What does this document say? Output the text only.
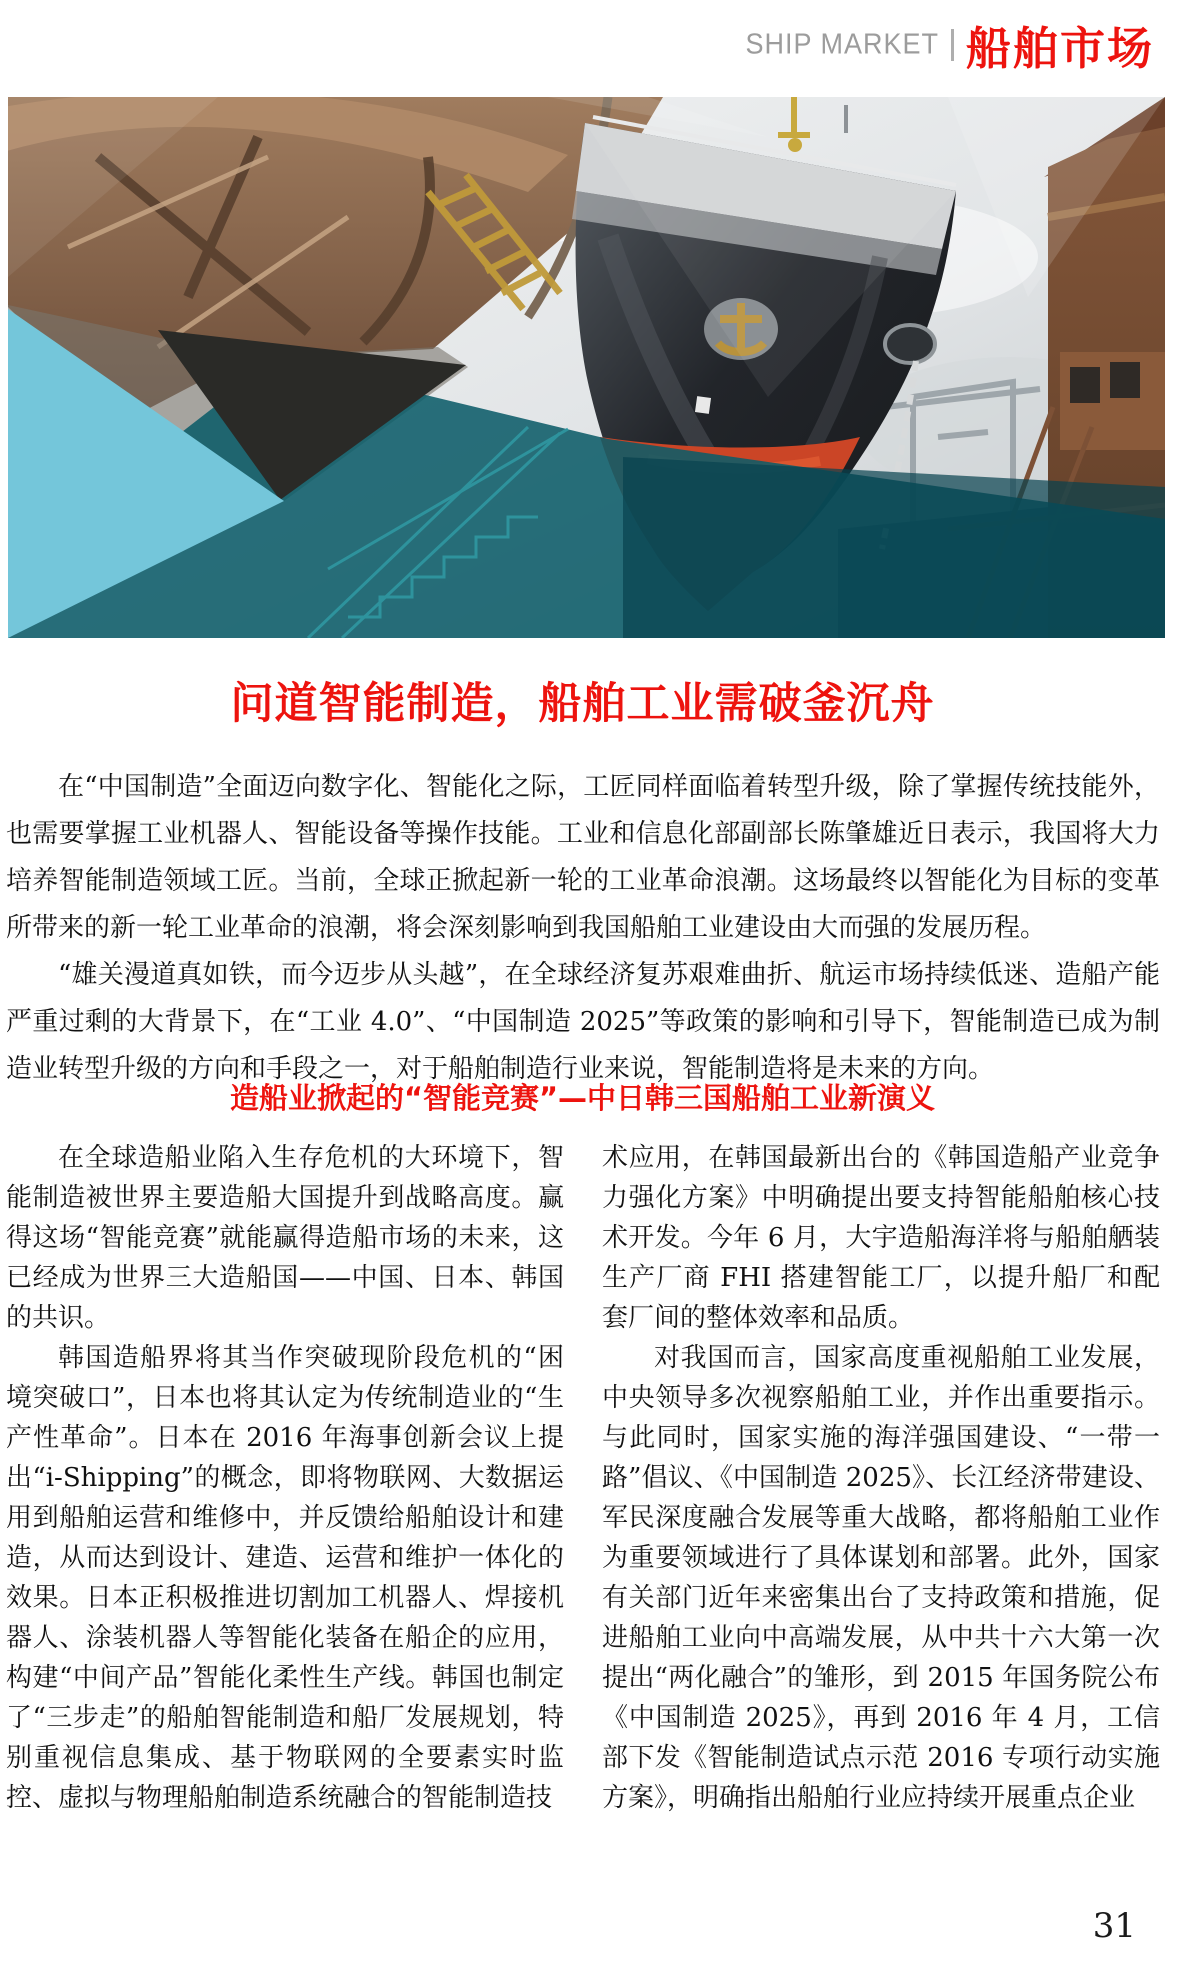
SHIP MARKET 船舶市场
问道智能制造，船舶工业需破釜沉舟

在“中国制造”全面迈向数字化、智能化之际，工匠同样面临着转型升级，除了掌握传统技能外，也需要掌握工业机器人、智能设备等操作技能。工业和信息化部副部长陈肇雄近日表示，我国将大力培养智能制造领域工匠。当前，全球正掀起新一轮的工业革命浪潮。这场最终以智能化为目标的变革所带来的新一轮工业革命的浪潮，将会深刻影响到我国船舶工业建设由大而强的发展历程。

“雄关漫道真如铁，而今迈步从头越”，在全球经济复苏艰难曲折、航运市场持续低迷、造船产能严重过剩的大背景下，在“工业 4.0”、“中国制造 2025”等政策的影响和引导下，智能制造已成为制造业转型升级的方向和手段之一，对于船舶制造行业来说，智能制造将是未来的方向。

造船业掀起的“智能竞赛”—中日韩三国船舶工业新演义

在全球造船业陷入生存危机的大环境下，智能制造被世界主要造船大国提升到战略高度。赢得这场“智能竞赛”就能赢得造船市场的未来，这已经成为世界三大造船国——中国、日本、韩国的共识。

韩国造船界将其当作突破现阶段危机的“困境突破口”，日本也将其认定为传统制造业的“生产性革命”。日本在 2016 年海事创新会议上提出“i-Shipping”的概念，即将物联网、大数据运用到船舶运营和维修中，并反馈给船舶设计和建造，从而达到设计、建造、运营和维护一体化的效果。日本正积极推进切割加工机器人、焊接机器人、涂装机器人等智能化装备在船企的应用，构建“中间产品”智能化柔性生产线。韩国也制定了“三步走”的船舶智能制造和船厂发展规划，特别重视信息集成、基于物联网的全要素实时监控、虚拟与物理船舶制造系统融合的智能制造技

术应用，在韩国最新出台的《韩国造船产业竞争力强化方案》中明确提出要支持智能船舶核心技术开发。今年 6 月，大宇造船海洋将与船舶舾装生产厂商 FHI 搭建智能工厂，以提升船厂和配套厂间的整体效率和品质。

对我国而言，国家高度重视船舶工业发展，中央领导多次视察船舶工业，并作出重要指示。与此同时，国家实施的海洋强国建设、“一带一路”倡议、《中国制造 2025》、长江经济带建设、军民深度融合发展等重大战略，都将船舶工业作为重要领域进行了具体谋划和部署。此外，国家有关部门近年来密集出台了支持政策和措施，促进船舶工业向中高端发展，从中共十六大第一次提出“两化融合”的雏形，到 2015 年国务院公布《中国制造 2025》，再到 2016 年 4 月，工信部下发《智能制造试点示范 2016 专项行动实施方案》，明确指出船舶行业应持续开展重点企业

31
